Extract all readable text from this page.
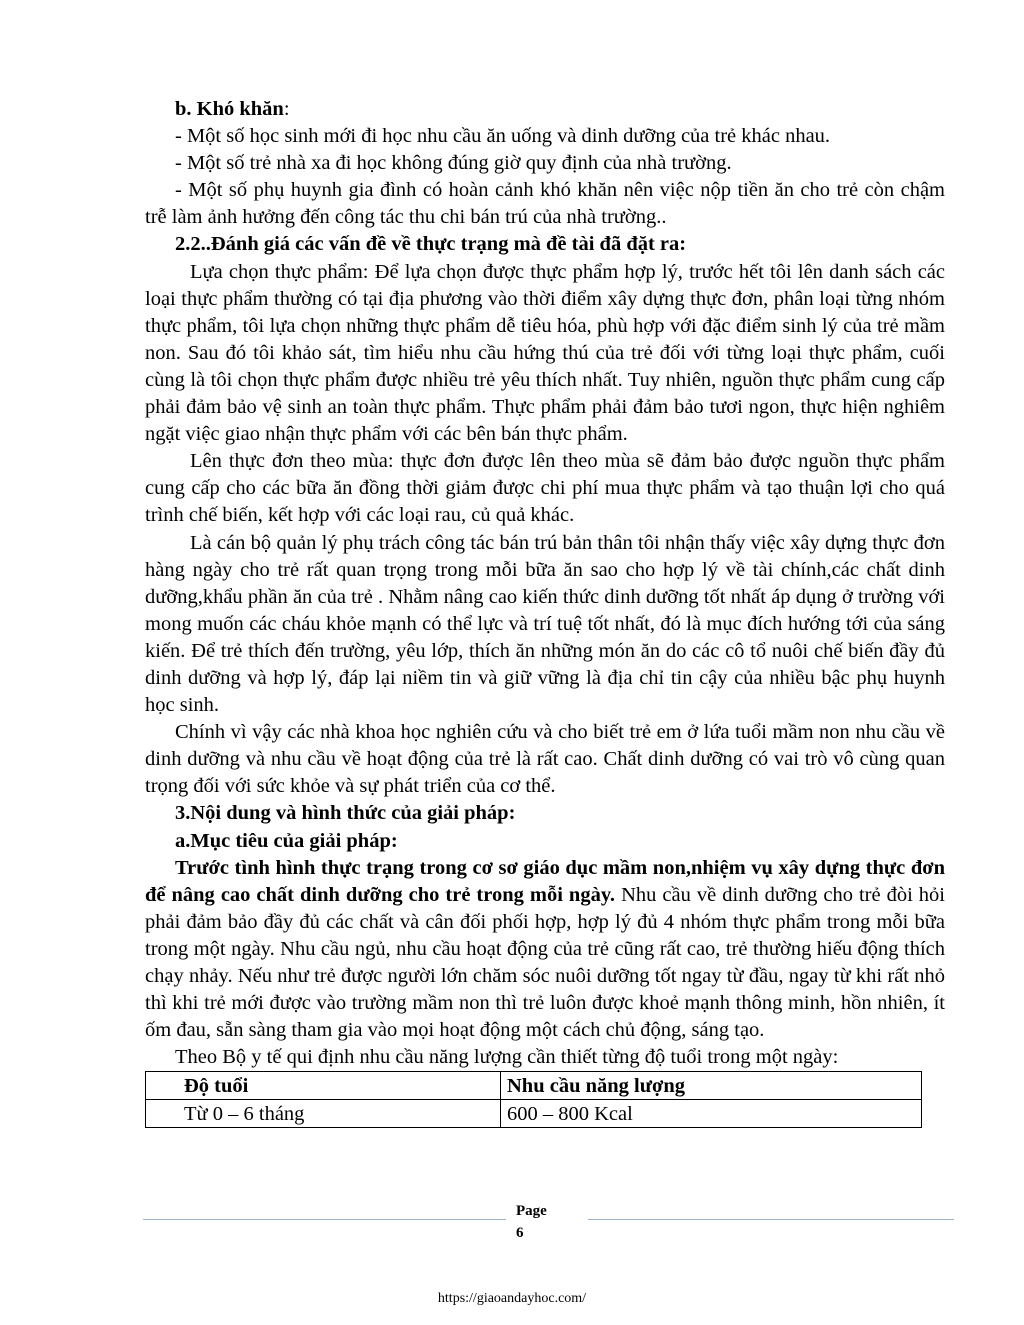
b. Khó khăn:

- Một số học sinh mới đi học nhu cầu ăn uống và dinh dưỡng của trẻ khác nhau.

- Một số trẻ nhà xa đi học không đúng giờ quy định của nhà trường.

- Một số phụ huynh gia đình có hoàn cảnh khó khăn nên việc nộp tiền ăn cho trẻ còn chậm trễ làm ảnh hưởng đến công tác thu chi bán trú của nhà trường..

2.2..Đánh giá các vấn đề về thực trạng mà đề tài đã đặt ra:

Lựa chọn thực phẩm: Để lựa chọn được thực phẩm hợp lý, trước hết tôi lên danh sách các loại thực phẩm thường có tại địa phương vào thời điểm xây dựng thực đơn, phân loại từng nhóm thực phẩm, tôi lựa chọn những thực phẩm dễ tiêu hóa, phù hợp với đặc điểm sinh lý của trẻ mầm non. Sau đó tôi khảo sát, tìm hiểu nhu cầu hứng thú của trẻ đối với từng loại thực phẩm, cuối cùng là tôi chọn thực phẩm được nhiều trẻ yêu thích nhất. Tuy nhiên, nguồn thực phẩm cung cấp phải đảm bảo vệ sinh an toàn thực phẩm. Thực phẩm phải đảm bảo tươi ngon, thực hiện nghiêm ngặt việc giao nhận thực phẩm với các bên bán thực phẩm.

Lên thực đơn theo mùa: thực đơn được lên theo mùa sẽ đảm bảo được nguồn thực phẩm cung cấp cho các bữa ăn đồng thời giảm được chi phí mua thực phẩm và tạo thuận lợi cho quá trình chế biến, kết hợp với các loại rau, củ quả khác.

Là cán bộ quản lý phụ trách công tác bán trú bản thân tôi nhận thấy việc xây dựng thực đơn hàng ngày cho trẻ rất quan trọng trong mỗi bữa ăn sao cho hợp lý về tài chính,các chất dinh dưỡng,khẩu phần ăn của trẻ . Nhằm nâng cao kiến thức dinh dưỡng tốt nhất áp dụng ở trường với mong muốn các cháu khỏe mạnh có thể lực và trí tuệ tốt nhất, đó là mục đích hướng tới của sáng kiến. Để trẻ thích đến trường, yêu lớp, thích ăn những món ăn do các cô tổ nuôi chế biến đầy đủ dinh dưỡng và hợp lý, đáp lại niềm tin và giữ vững là địa chỉ tin cậy của nhiều bậc phụ huynh học sinh.

Chính vì vậy các nhà khoa học nghiên cứu và cho biết trẻ em ở lứa tuổi mầm non nhu cầu về dinh dưỡng và nhu cầu về hoạt động của trẻ là rất cao. Chất dinh dưỡng có vai trò vô cùng quan trọng đối với sức khỏe và sự phát triển của cơ thể.

3.Nội dung và hình thức của giải pháp:

a.Mục tiêu của giải pháp:

Trước tình hình thực trạng trong cơ sơ giáo dục mầm non,nhiệm vụ xây dựng thực đơn để nâng cao chất dinh dưỡng cho trẻ trong mỗi ngày. Nhu cầu về dinh dưỡng cho trẻ đòi hỏi phải đảm bảo đầy đủ các chất và cân đối phối hợp, hợp lý đủ 4 nhóm thực phẩm trong mỗi bữa trong một ngày. Nhu cầu ngủ, nhu cầu hoạt động của trẻ cũng rất cao, trẻ thường hiếu động thích chạy nhảy. Nếu như trẻ được người lớn chăm sóc nuôi dưỡng tốt ngay từ đầu, ngay từ khi rất nhỏ thì khi trẻ mới được vào trường mầm non thì trẻ luôn được khoẻ mạnh thông minh, hồn nhiên, ít ốm đau, sẵn sàng tham gia vào mọi hoạt động một cách chủ động, sáng tạo.

Theo Bộ y tế qui định nhu cầu năng lượng cần thiết từng độ tuổi trong một ngày:

Độ tuổi	Nhu cầu năng lượng
Từ 0 – 6 tháng	600 – 800 Kcal
Page
6
https://giaoandayhoc.com/
